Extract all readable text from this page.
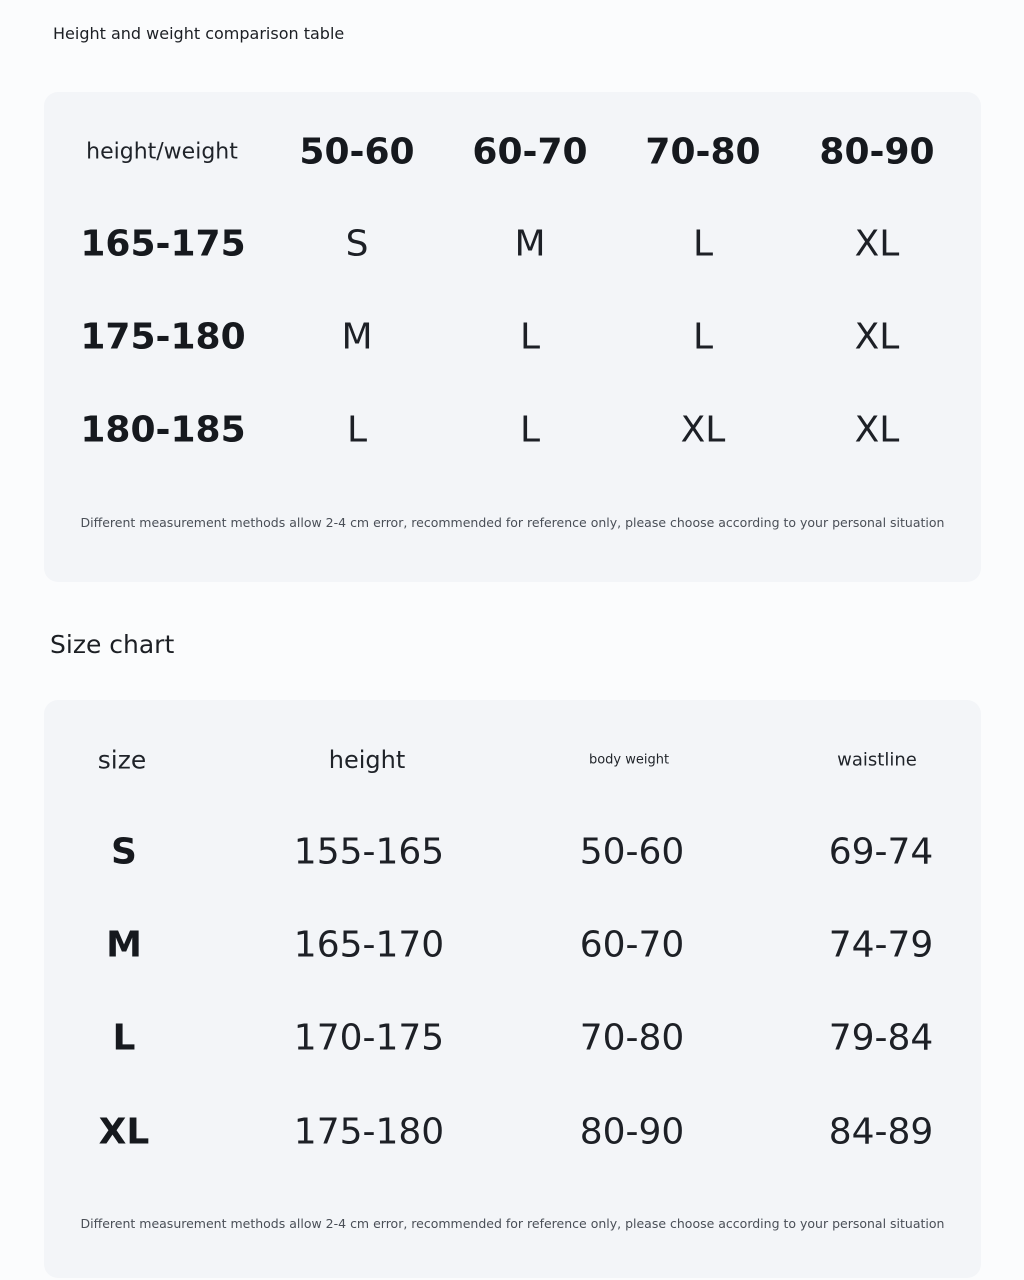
Height and weight comparison table
height/weight 50-60 60-70 70-80 80-90
165-175	S	M	L	XL
175-180	M	L	L	XL
180-185	L	L	XL	XL
Different measurement methods allow 2-4 cm error, recommended for reference only, please choose according to your personal situation
Size chart
size	height	body weight	waistline
S	155-165	50-60	69-74
M	165-170	60-70	74-79
L	170-175	70-80	79-84
XL	175-180	80-90	84-89
Different measurement methods allow 2-4 cm error, recommended for reference only, please choose according to your personal situation
